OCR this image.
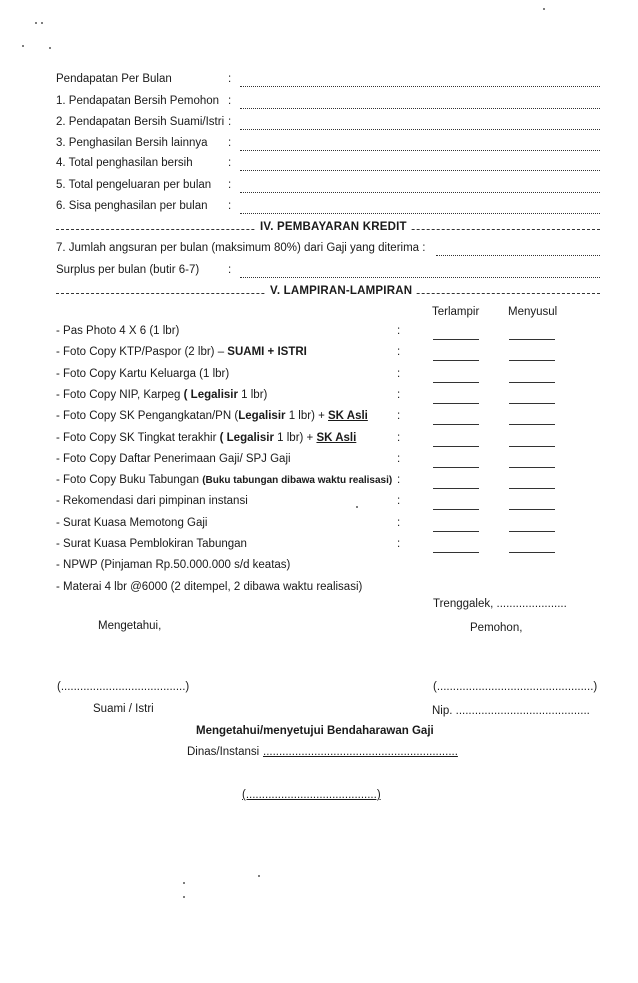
Pendapatan Per Bulan	:
1. Pendapatan Bersih Pemohon :
2. Pendapatan Bersih Suami/Istri :
3. Penghasilan Bersih lainnya :
4. Total penghasilan bersih	:
5. Total pengeluaran per bulan :
6. Sisa penghasilan per bulan :
IV. PEMBAYARAN KREDIT
7. Jumlah angsuran per bulan (maksimum 80%) dari Gaji yang diterima :
Surplus per bulan (butir 6-7)	:
V. LAMPIRAN-LAMPIRAN
Terlampir Menyusul
- Pas Photo 4 X 6 (1 lbr)	:
- Foto Copy KTP/Paspor (2 lbr) – SUAMI + ISTRI	:
- Foto Copy Kartu Keluarga (1 lbr)	:
- Foto Copy NIP, Karpeg ( Legalisir 1 lbr)	:
- Foto Copy SK Pengangkatan/PN (Legalisir 1 lbr) + SK Asli	:
- Foto Copy SK Tingkat terakhir ( Legalisir 1 lbr) + SK Asli	:
- Foto Copy Daftar Penerimaan Gaji/ SPJ Gaji	:
- Foto Copy Buku Tabungan (Buku tabungan dibawa waktu realisasi) :
- Rekomendasi dari pimpinan instansi	:
- Surat Kuasa Memotong Gaji	:
- Surat Kuasa Pemblokiran Tabungan	:
- NPWP (Pinjaman Rp.50.000.000 s/d keatas)
- Materai 4 lbr @6000 (2 ditempel, 2 dibawa waktu realisasi)
Trenggalek, ......................
Mengetahui,	Pemohon,
(.......................................)	(.................................................)
Suami / Istri	Nip. ..........................................
Mengetahui/menyetujui Bendaharawan Gaji
Dinas/Instansi .............................................................
(.........................................)
